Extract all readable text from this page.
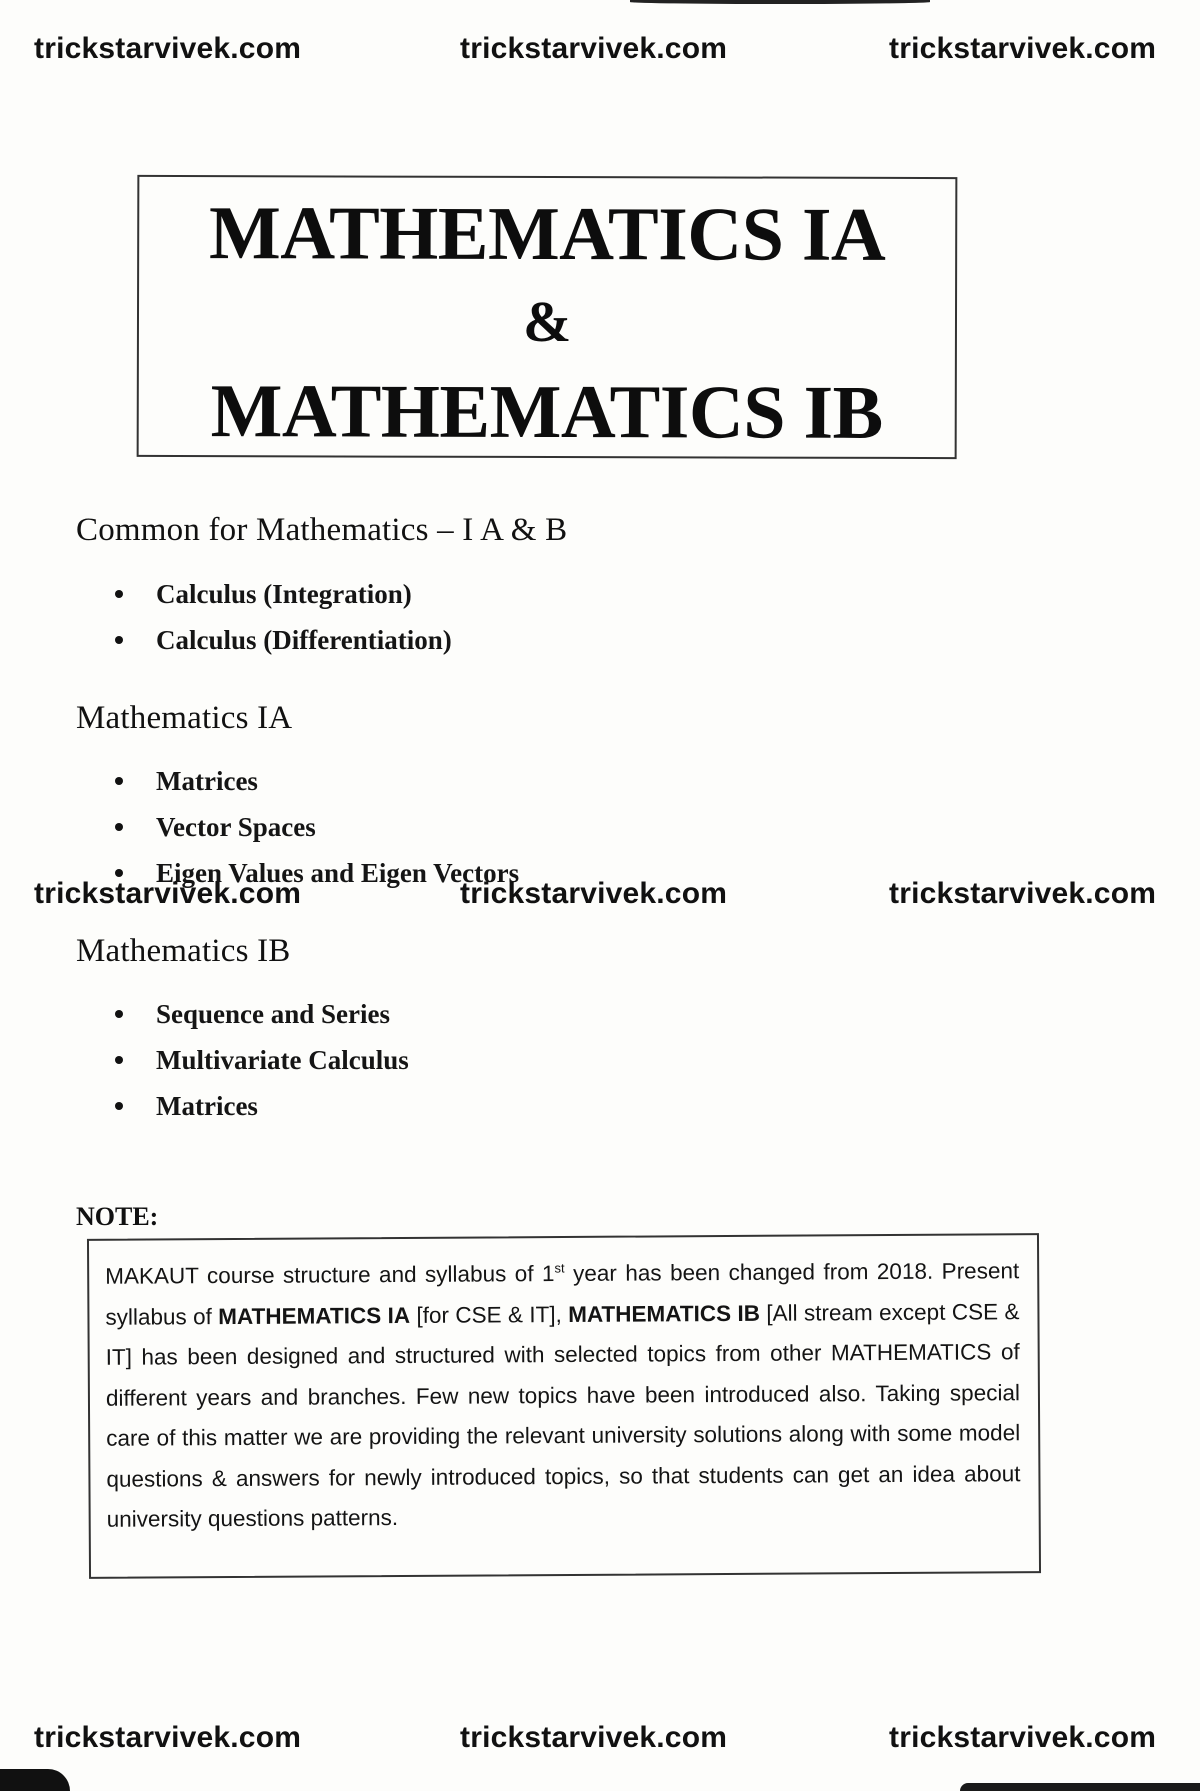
trickstarvivek.com	trickstarvivek.com	trickstarvivek.com
MATHEMATICS IA
&
MATHEMATICS IB
Common for Mathematics – I A & B
Calculus (Integration)
Calculus (Differentiation)
Mathematics IA
Matrices
Vector Spaces
Eigen Values and Eigen Vectors
trickstarvivek.com	trickstarvivek.com	trickstarvivek.com
Mathematics IB
Sequence and Series
Multivariate Calculus
Matrices
NOTE:

MAKAUT course structure and syllabus of 1st year has been changed from 2018. Present syllabus of MATHEMATICS IA [for CSE & IT], MATHEMATICS IB [All stream except CSE & IT] has been designed and structured with selected topics from other MATHEMATICS of different years and branches. Few new topics have been introduced also. Taking special care of this matter we are providing the relevant university solutions along with some model questions & answers for newly introduced topics, so that students can get an idea about university questions patterns.

trickstarvivek.com	trickstarvivek.com	trickstarvivek.com
